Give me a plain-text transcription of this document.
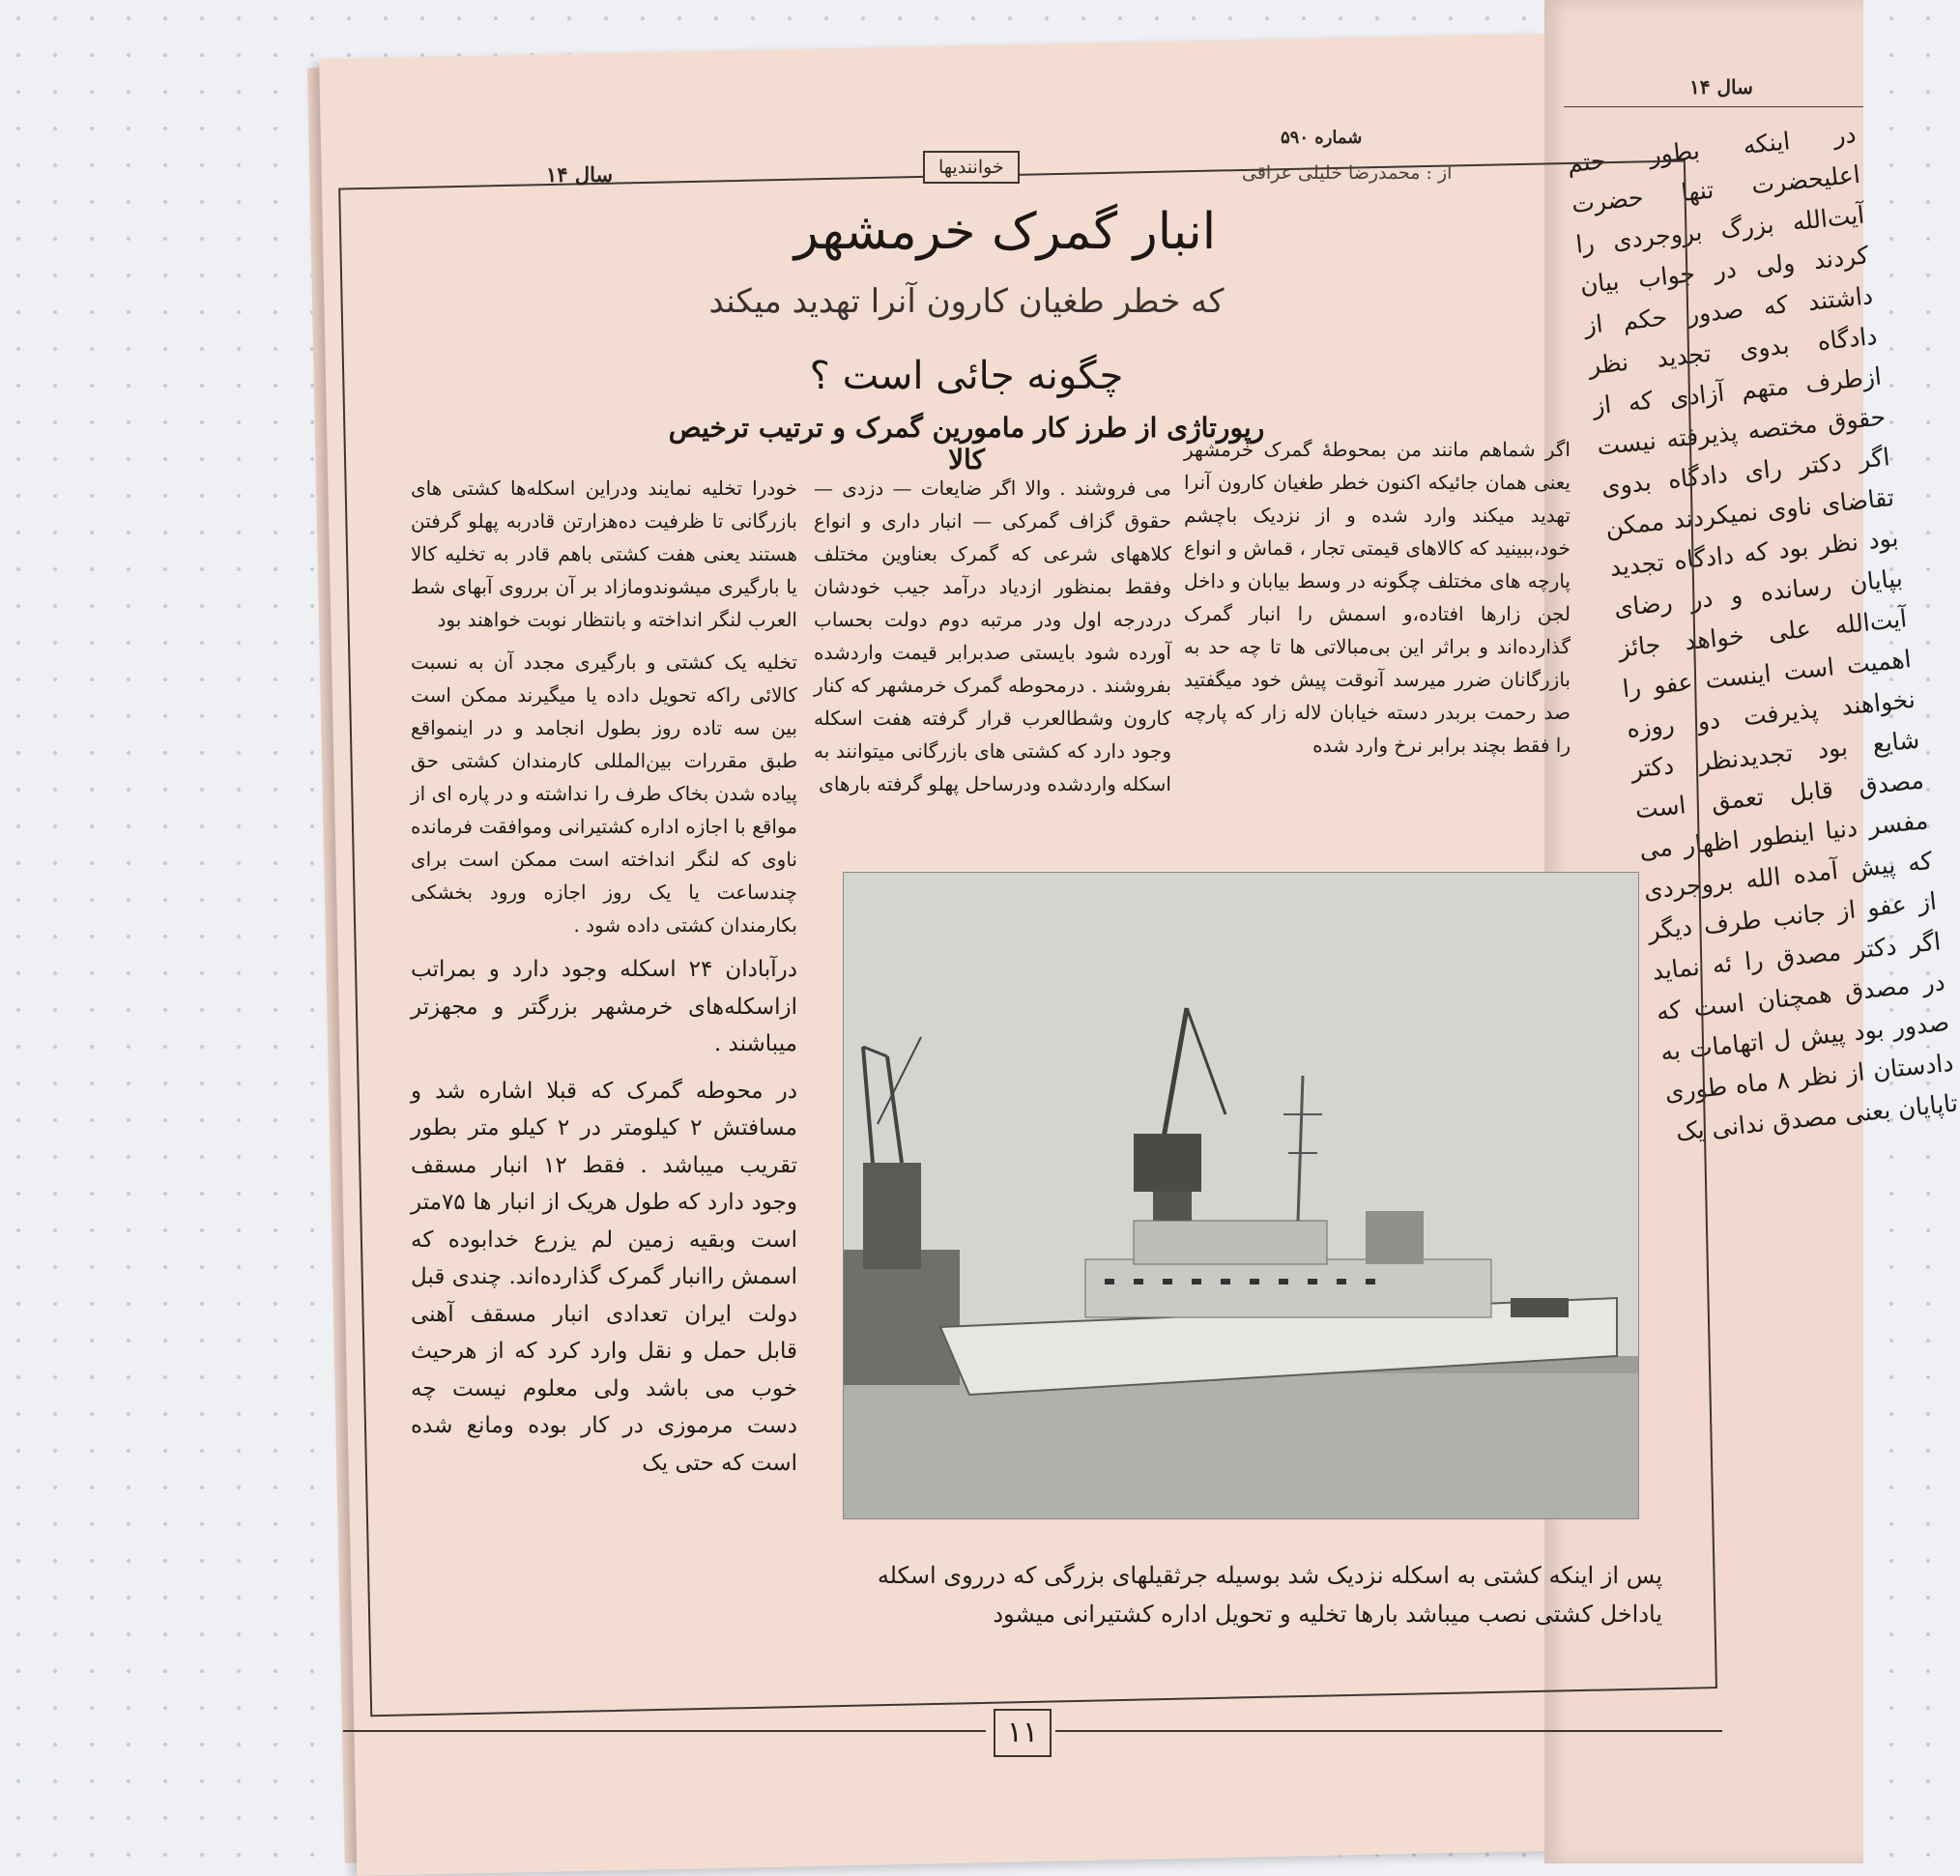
سال ۱۴
در اینکه بطور حتم اعلیحضرت تنها حضرت آیت‌الله بزرگ بروجردی را کردند ولی در جواب بیان داشتند که صدور حکم از دادگاه بدوی تجدید نظر ازطرف متهم آزادی که از حقوق مختصه پذیرفته نیست اگر دکتر رای دادگاه بدوی تقاضای ناوی نمیکردند ممکن بود نظر بود که دادگاه تجدید بپایان رسانده و در رضای آیت‌الله علی خواهد جائز اهمیت است اینست عفو را نخواهند پذیرفت دو روزه شایع بود تجدیدنظر دکتر مصدق قابل تعمق است مفسر دنیا اینطور اظهار می که پیش آمده الله بروجردی از عفو از جانب طرف دیگر اگر دکتر مصدق را ئه نماید در مصدق همچنان است که صدور بود پیش ل اتهامات به دادستان از نظر ۸ ماه طوری تاپایان بعنی مصدق ندانی یک
سال ۱۴	خوانندیها
شماره ۵۹۰
از : محمدرضا خلیلی عراقی
انبار گمرک خرمشهر
که خطر طغیان کارون آنرا تهدید میکند
چگونه جائی است ؟
رپورتاژی از طرز کار مامورین گمرک و ترتیب ترخیص کالا	اگر شماهم مانند من بمحوطهٔ گمرک خرمشهر یعنی همان جائیکه اکنون خطر طغیان کارون آنرا تهدید میکند وارد شده و از نزدیک باچشم خود،ببینید که کالاهای قیمتی تجار ، قماش و انواع پارچه های مختلف چگونه در وسط بیابان و داخل لجن زارها افتاده،و اسمش را انبار گمرک گذارده‌اند و براثر این بی‌مبالاتی ها تا چه حد به بازرگانان ضرر میرسد آنوقت پیش خود میگفتید صد رحمت بربدر دسته خیابان لاله زار که پارچه را فقط بچند برابر نرخ وارد شده

می فروشند . والا اگر ضایعات — دزدی — حقوق گزاف گمرکی — انبار داری و انواع کلاههای شرعی که گمرک بعناوین مختلف وفقط بمنظور ازدیاد درآمد جیب خودشان دردرجه اول ودر مرتبه دوم دولت بحساب آورده شود بایستی صدبرابر قیمت واردشده بفروشند . درمحوطه گمرک خرمشهر که کنار کارون وشطالعرب قرار گرفته هفت اسکله وجود دارد که کشتی های بازرگانی میتوانند به اسکله واردشده ودرساحل پهلو گرفته بارهای

خودرا تخلیه نمایند ودراین اسکله‌ها کشتی های بازرگانی تا ظرفیت ده‌هزارتن قادربه پهلو گرفتن هستند یعنی هفت کشتی باهم قادر به تخلیه کالا یا بارگیری میشوندومازاد بر آن برروی آبهای شط العرب لنگر انداخته و بانتظار نوبت خواهند بود

تخلیه یک کشتی و بارگیری مجدد آن به نسبت کالائی راکه تحویل داده یا میگیرند ممکن است بین سه تاده روز بطول انجامد و در اینمواقع طبق مقررات بین‌المللی کارمندان کشتی حق پیاده شدن بخاک طرف را نداشته و در پاره ای از مواقع با اجازه اداره کشتیرانی وموافقت فرمانده ناوی که لنگر انداخته است ممکن است برای چندساعت یا یک روز اجازه ورود بخشکی بکارمندان کشتی داده شود .

درآبادان ۲۴ اسکله وجود دارد و بمراتب ازاسکله‌های خرمشهر بزرگتر و مجهزتر میباشند .

در محوطه گمرک که قبلا اشاره شد و مسافتش ۲ کیلومتر در ۲ کیلو متر بطور تقریب میباشد . فقط ۱۲ انبار مسقف وجود دارد که طول هریک از انبار ها ۷۵متر است وبقیه زمین لم یزرع خدابوده که اسمش راانبار گمرک گذارده‌اند. چندی قبل دولت ایران تعدادی انبار مسقف آهنی قابل حمل و نقل وارد کرد که از هرحیث خوب می باشد ولی معلوم نیست چه دست مرموزی در کار بوده ومانع شده است که حتی یک

پس از اینکه کشتی به اسکله نزدیک شد بوسیله جرثقیلهای بزرگی که درروی اسکله یاداخل کشتی نصب میباشد بارها تخلیه و تحویل اداره کشتیرانی میشود
۱۱
